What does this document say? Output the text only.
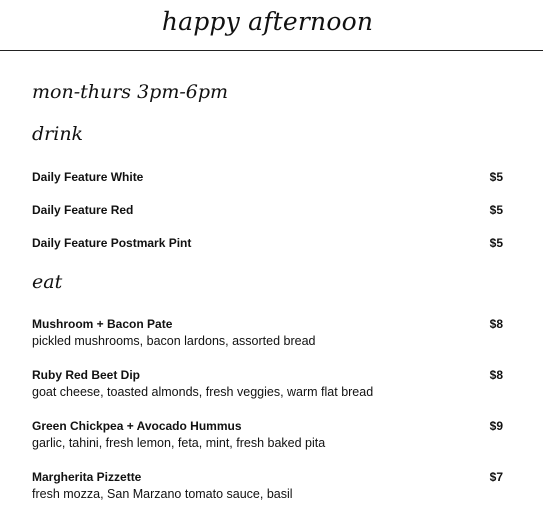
happy afternoon
mon-thurs 3pm-6pm
drink
Daily Feature White	$5
Daily Feature Red	$5
Daily Feature Postmark Pint	$5
eat
Mushroom + Bacon Pate	$8
pickled mushrooms, bacon lardons, assorted bread
Ruby Red Beet Dip	$8
goat cheese, toasted almonds, fresh veggies, warm flat bread
Green Chickpea + Avocado Hummus	$9
garlic, tahini, fresh lemon, feta, mint, fresh baked pita
Margherita Pizzette	$7
fresh mozza, San Marzano tomato sauce, basil
